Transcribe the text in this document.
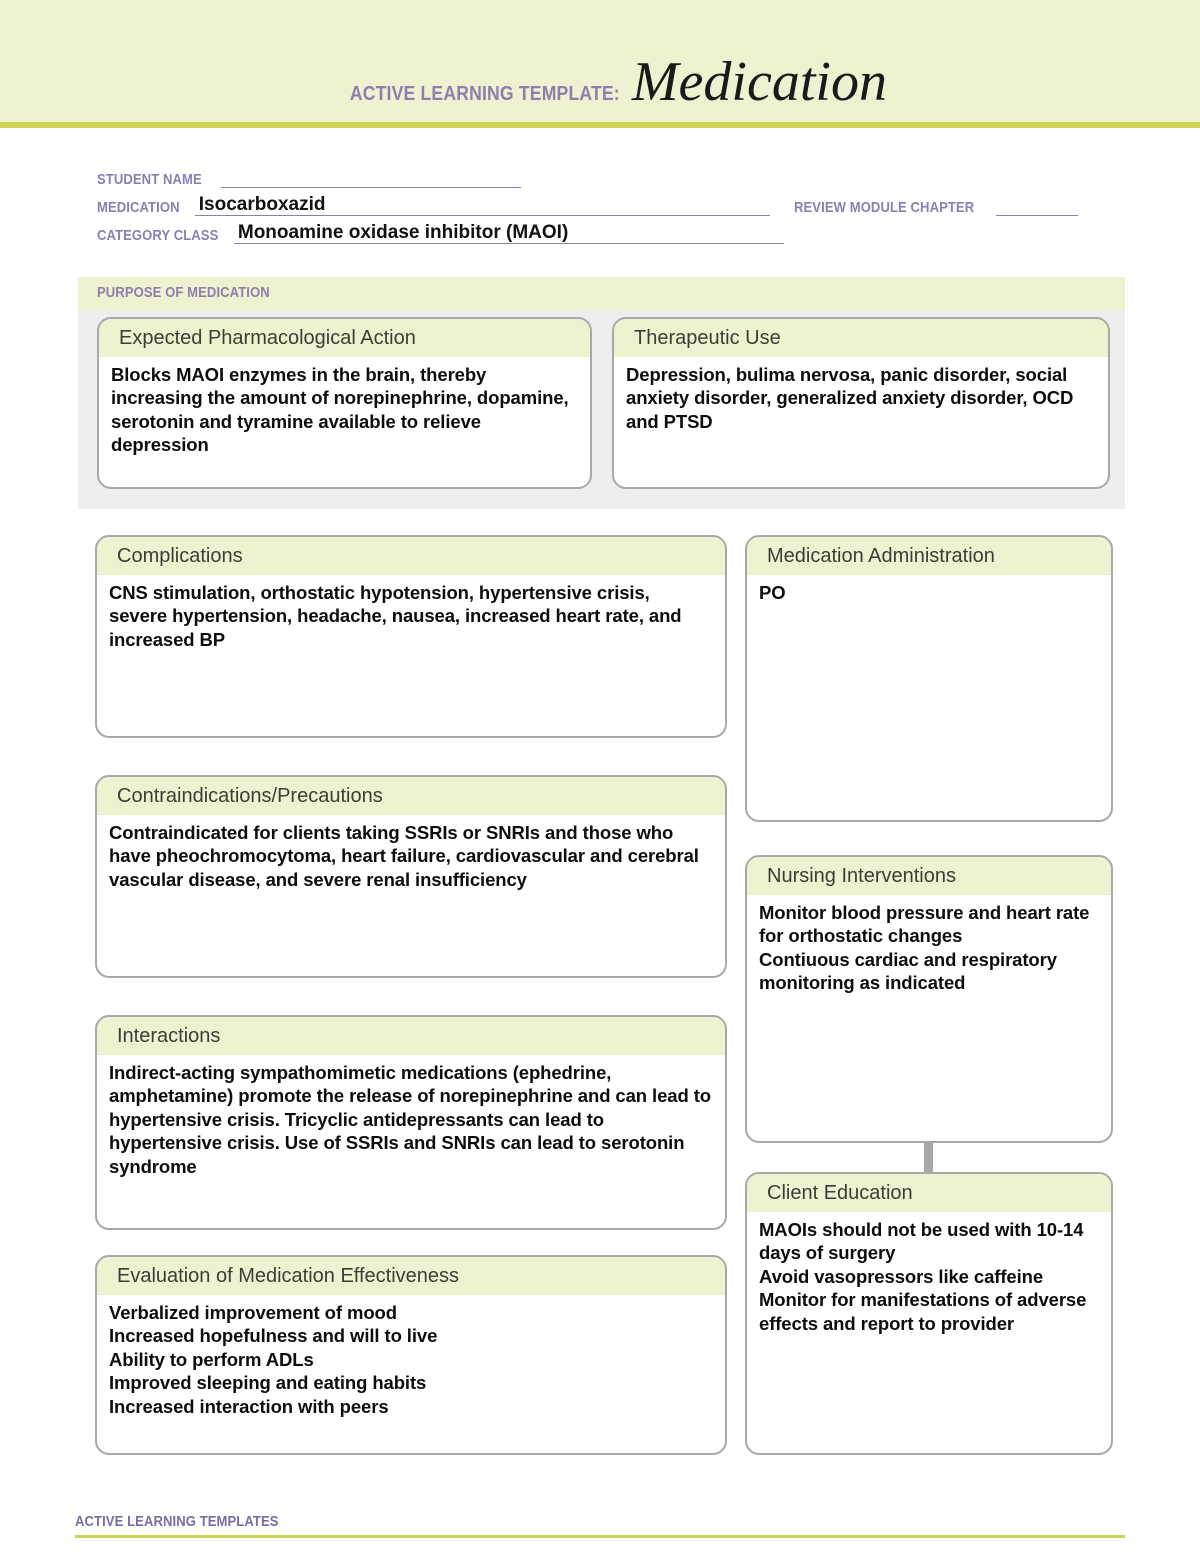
ACTIVE LEARNING TEMPLATE: Medication
STUDENT NAME
MEDICATION Isocarboxazid	REVIEW MODULE CHAPTER
CATEGORY CLASS Monoamine oxidase inhibitor (MAOI)
PURPOSE OF MEDICATION
Expected Pharmacological Action
Blocks MAOI enzymes in the brain, thereby increasing the amount of norepinephrine, dopamine, serotonin and tyramine available to relieve depression
Therapeutic Use
Depression, bulima nervosa, panic disorder, social anxiety disorder, generalized anxiety disorder, OCD and PTSD
Complications
CNS stimulation, orthostatic hypotension, hypertensive crisis, severe hypertension, headache, nausea, increased heart rate, and increased BP
Contraindications/Precautions
Contraindicated for clients taking SSRIs or SNRIs and those who have pheochromocytoma, heart failure, cardiovascular and cerebral vascular disease, and severe renal insufficiency
Interactions
Indirect-acting sympathomimetic medications (ephedrine, amphetamine) promote the release of norepinephrine and can lead to hypertensive crisis. Tricyclic antidepressants can lead to hypertensive crisis. Use of SSRIs and SNRIs can lead to serotonin syndrome
Evaluation of Medication Effectiveness
Verbalized improvement of mood
Increased hopefulness and will to live
Ability to perform ADLs
Improved sleeping and eating habits
Increased interaction with peers
Medication Administration
PO
Nursing Interventions
Monitor blood pressure and heart rate for orthostatic changes
Contiuous cardiac and respiratory monitoring as indicated
Client Education
MAOIs should not be used with 10-14 days of surgery
Avoid vasopressors like caffeine
Monitor for manifestations of adverse effects and report to provider
ACTIVE LEARNING TEMPLATES
